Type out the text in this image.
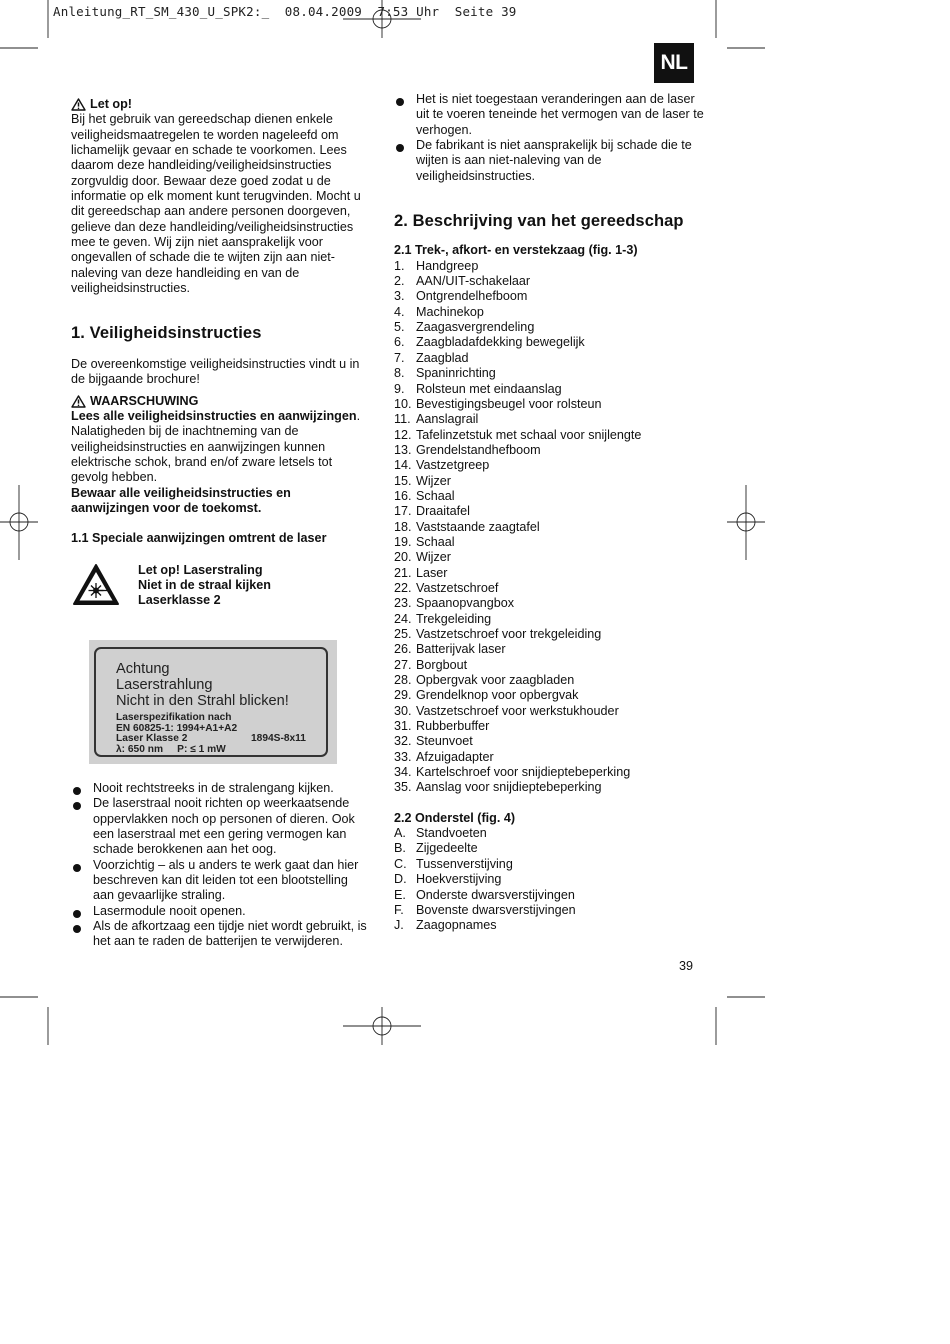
Anleitung_RT_SM_430_U_SPK2:_  08.04.2009  7:53 Uhr  Seite 39
NL
Let op!

Bij het gebruik van gereedschap dienen enkele veiligheidsmaatregelen te worden nageleefd om lichamelijk gevaar en schade te voorkomen. Lees daarom deze handleiding/veiligheidsinstructies zorgvuldig door. Bewaar deze goed zodat u de informatie op elk moment kunt terugvinden. Mocht u dit gereedschap aan andere personen doorgeven, gelieve dan deze handleiding/veiligheidsinstructies mee te geven. Wij zijn niet aansprakelijk voor ongevallen of schade die te wijten zijn aan niet-naleving van deze handleiding en van de veiligheidsinstructies.

1. Veiligheidsinstructies

De overeenkomstige veiligheidsinstructies vindt u in de bijgaande brochure!

WAARSCHUWING

Lees alle veiligheidsinstructies en aanwijzingen.

Nalatigheden bij de inachtneming van de veiligheidsinstructies en aanwijzingen kunnen elektrische schok, brand en/of zware letsels tot gevolg hebben.

Bewaar alle veiligheidsinstructies en aanwijzingen voor de toekomst.

1.1 Speciale aanwijzingen omtrent de laser

Let op! Laserstraling

Niet in de straal kijken

Laserklasse 2

Achtung
Laserstrahlung
Nicht in den Strahl blicken!
Laserspezifikation nach
EN 60825-1: 1994+A1+A2
Laser Klasse 2	1894S-8x11
λ: 650 nm     P: ≤ 1 mW
Nooit rechtstreeks in de stralengang kijken.
De laserstraal nooit richten op weerkaatsende oppervlakken noch op personen of dieren. Ook een laserstraal met een gering vermogen kan schade berokkenen aan het oog.
Voorzichtig – als u anders te werk gaat dan hier beschreven kan dit leiden tot een blootstelling aan gevaarlijke straling.
Lasermodule nooit openen.
Als de afkortzaag een tijdje niet wordt gebruikt, is het aan te raden de batterijen te verwijderen.
Het is niet toegestaan veranderingen aan de laser uit te voeren teneinde het vermogen van de laser te verhogen.
De fabrikant is niet aansprakelijk bij schade die te wijten is aan niet-naleving van de veiligheidsinstructies.
2. Beschrijving van het gereedschap

2.1 Trek-, afkort- en verstekzaag (fig. 1-3)

1. Handgreep
2. AAN/UIT-schakelaar
3. Ontgrendelhefboom
4. Machinekop
5. Zaagasvergrendeling
6. Zaagbladafdekking bewegelijk
7. Zaagblad
8. Spaninrichting
9. Rolsteun met eindaanslag
10. Bevestigingsbeugel voor rolsteun
11. Aanslagrail
12. Tafelinzetstuk met schaal voor snijlengte
13. Grendelstandhefboom
14. Vastzetgreep
15. Wijzer
16. Schaal
17. Draaitafel
18. Vaststaande zaagtafel
19. Schaal
20. Wijzer
21. Laser
22. Vastzetschroef
23. Spaanopvangbox
24. Trekgeleiding
25. Vastzetschroef voor trekgeleiding
26. Batterijvak laser
27. Borgbout
28. Opbergvak voor zaagbladen
29. Grendelknop voor opbergvak
30. Vastzetschroef voor werkstukhouder
31. Rubberbuffer
32. Steunvoet
33. Afzuigadapter
34. Kartelschroef voor snijdieptebeperking
35. Aanslag voor snijdieptebeperking

2.2 Onderstel (fig. 4)

A. Standvoeten
B. Zijgedeelte
C. Tussenverstijving
D. Hoekverstijving
E. Onderste dwarsverstijvingen
F. Bovenste dwarsverstijvingen
J. Zaagopnames
39
